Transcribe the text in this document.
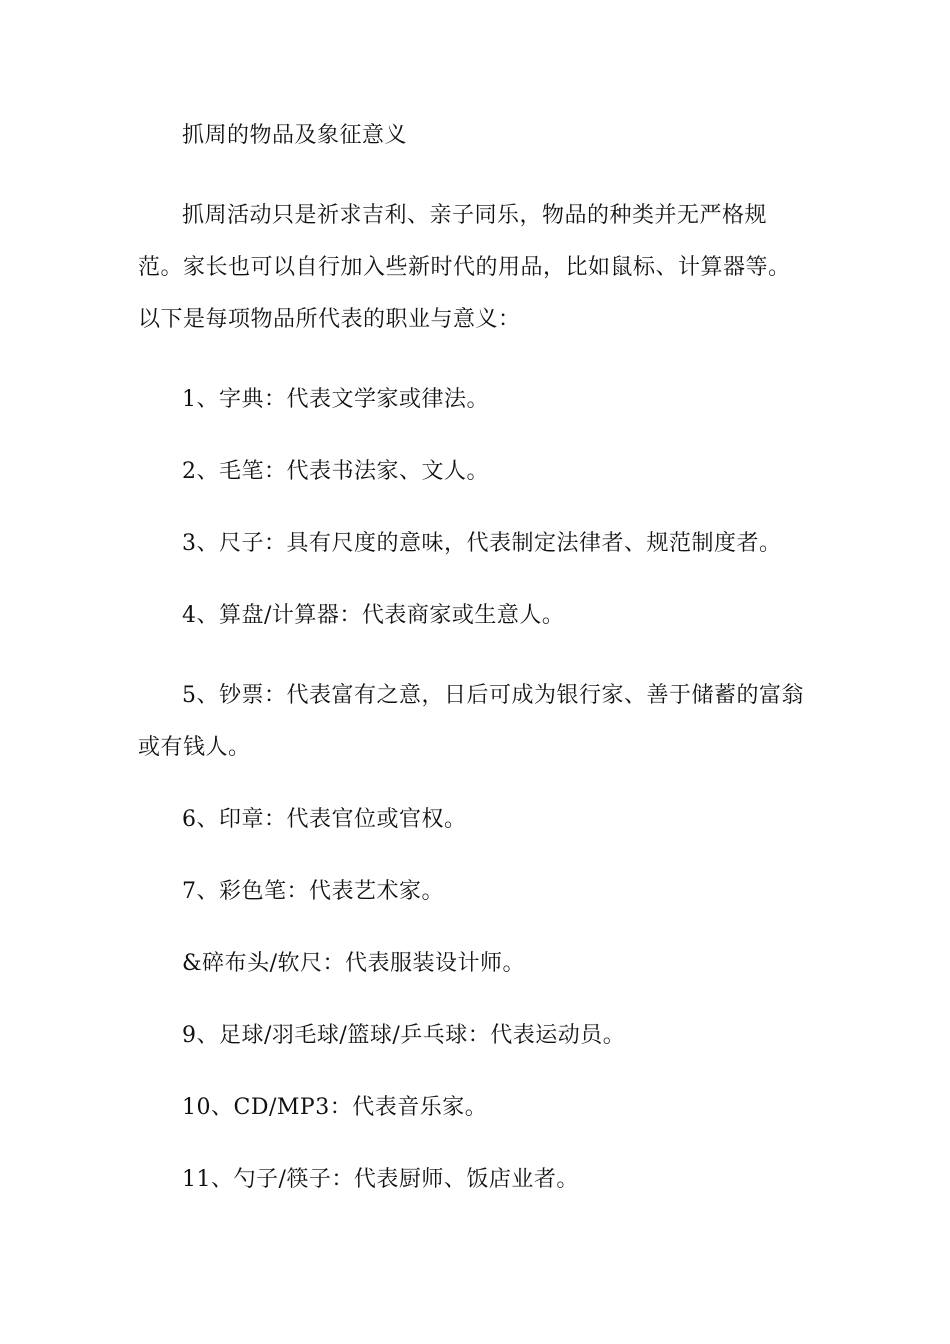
抓周的物品及象征意义

抓周活动只是祈求吉利、亲子同乐，物品的种类并无严格规范。家长也可以自行加入些新时代的用品，比如鼠标、计算器等。以下是每项物品所代表的职业与意义：

1、字典：代表文学家或律法。

2、毛笔：代表书法家、文人。

3、尺子：具有尺度的意味，代表制定法律者、规范制度者。

4、算盘/计算器：代表商家或生意人。

5、钞票：代表富有之意，日后可成为银行家、善于储蓄的富翁或有钱人。

6、印章：代表官位或官权。

7、彩色笔：代表艺术家。

&碎布头/软尺：代表服装设计师。

9、足球/羽毛球/篮球/乒乓球：代表运动员。

10、CD/MP3：代表音乐家。

11、勺子/筷子：代表厨师、饭店业者。
